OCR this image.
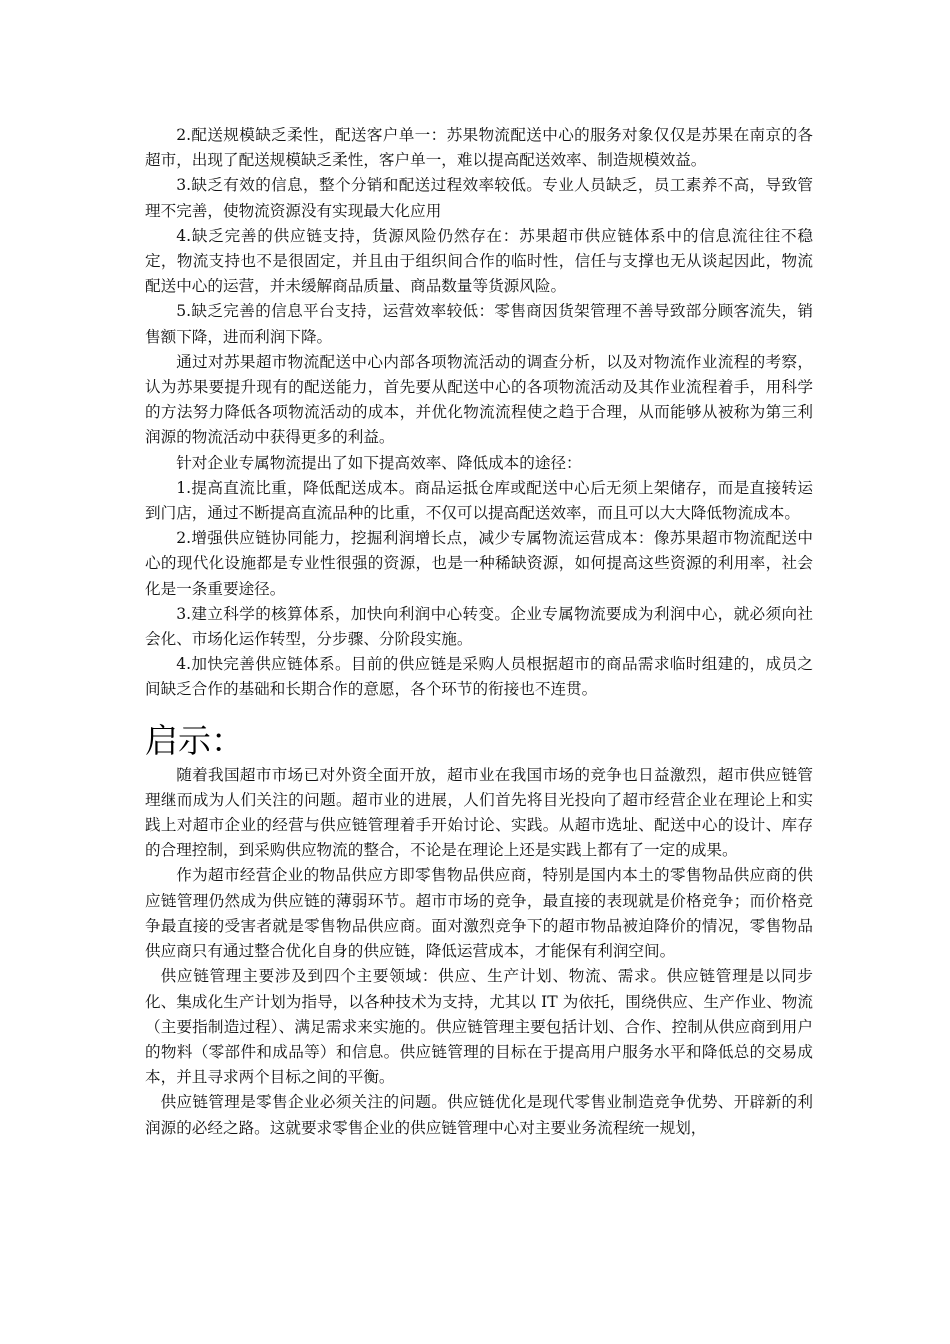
2.配送规模缺乏柔性，配送客户单一：苏果物流配送中心的服务对象仅仅是苏果在南京的各超市，出现了配送规模缺乏柔性，客户单一，难以提高配送效率、制造规模效益。

3.缺乏有效的信息，整个分销和配送过程效率较低。专业人员缺乏，员工素养不高，导致管理不完善，使物流资源没有实现最大化应用

4.缺乏完善的供应链支持，货源风险仍然存在：苏果超市供应链体系中的信息流往往不稳定，物流支持也不是很固定，并且由于组织间合作的临时性，信任与支撑也无从谈起因此，物流配送中心的运营，并未缓解商品质量、商品数量等货源风险。

5.缺乏完善的信息平台支持，运营效率较低：零售商因货架管理不善导致部分顾客流失，销售额下降，进而利润下降。

通过对苏果超市物流配送中心内部各项物流活动的调查分析，以及对物流作业流程的考察，认为苏果要提升现有的配送能力，首先要从配送中心的各项物流活动及其作业流程着手，用科学的方法努力降低各项物流活动的成本，并优化物流流程使之趋于合理，从而能够从被称为第三利润源的物流活动中获得更多的利益。

针对企业专属物流提出了如下提高效率、降低成本的途径：

1.提高直流比重，降低配送成本。商品运抵仓库或配送中心后无须上架储存，而是直接转运到门店，通过不断提高直流品种的比重，不仅可以提高配送效率，而且可以大大降低物流成本。

2.增强供应链协同能力，挖掘利润增长点，减少专属物流运营成本：像苏果超市物流配送中心的现代化设施都是专业性很强的资源，也是一种稀缺资源，如何提高这些资源的利用率，社会化是一条重要途径。

3.建立科学的核算体系，加快向利润中心转变。企业专属物流要成为利润中心，就必须向社会化、市场化运作转型，分步骤、分阶段实施。

4.加快完善供应链体系。目前的供应链是采购人员根据超市的商品需求临时组建的，成员之间缺乏合作的基础和长期合作的意愿，各个环节的衔接也不连贯。

启示：

随着我国超市市场已对外资全面开放，超市业在我国市场的竞争也日益激烈，超市供应链管理继而成为人们关注的问题。超市业的进展，人们首先将目光投向了超市经营企业在理论上和实践上对超市企业的经营与供应链管理着手开始讨论、实践。从超市选址、配送中心的设计、库存的合理控制，到采购供应物流的整合，不论是在理论上还是实践上都有了一定的成果。

作为超市经营企业的物品供应方即零售物品供应商，特别是国内本土的零售物品供应商的供应链管理仍然成为供应链的薄弱环节。超市市场的竞争，最直接的表现就是价格竞争；而价格竞争最直接的受害者就是零售物品供应商。面对激烈竞争下的超市物品被迫降价的情况，零售物品供应商只有通过整合优化自身的供应链，降低运营成本，才能保有利润空间。

供应链管理主要涉及到四个主要领域：供应、生产计划、物流、需求。供应链管理是以同步化、集成化生产计划为指导，以各种技术为支持，尤其以 IT 为依托，围绕供应、生产作业、物流（主要指制造过程）、满足需求来实施的。供应链管理主要包括计划、合作、控制从供应商到用户的物料（零部件和成品等）和信息。供应链管理的目标在于提高用户服务水平和降低总的交易成本，并且寻求两个目标之间的平衡。

供应链管理是零售企业必须关注的问题。供应链优化是现代零售业制造竞争优势、开辟新的利润源的必经之路。这就要求零售企业的供应链管理中心对主要业务流程统一规划，
